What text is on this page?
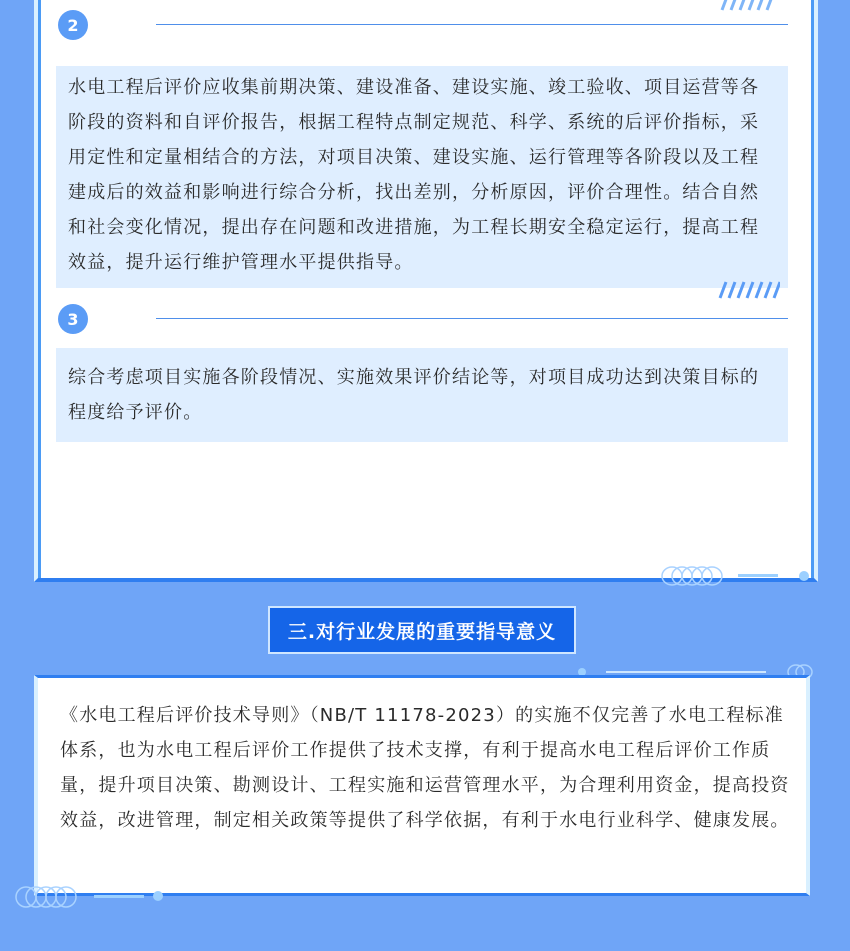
2

水电工程后评价应收集前期决策、建设准备、建设实施、竣工验收、项目运营等各阶段的资料和自评价报告，根据工程特点制定规范、科学、系统的后评价指标，采用定性和定量相结合的方法，对项目决策、建设实施、运行管理等各阶段以及工程建成后的效益和影响进行综合分析，找出差别，分析原因，评价合理性。结合自然和社会变化情况，提出存在问题和改进措施，为工程长期安全稳定运行，提高工程效益，提升运行维护管理水平提供指导。

3

综合考虑项目实施各阶段情况、实施效果评价结论等，对项目成功达到决策目标的程度给予评价。

三.对行业发展的重要指导意义

《水电工程后评价技术导则》（NB/T 11178-2023）的实施不仅完善了水电工程标准体系，也为水电工程后评价工作提供了技术支撑，有利于提高水电工程后评价工作质量，提升项目决策、勘测设计、工程实施和运营管理水平，为合理利用资金，提高投资效益，改进管理，制定相关政策等提供了科学依据，有利于水电行业科学、健康发展。
